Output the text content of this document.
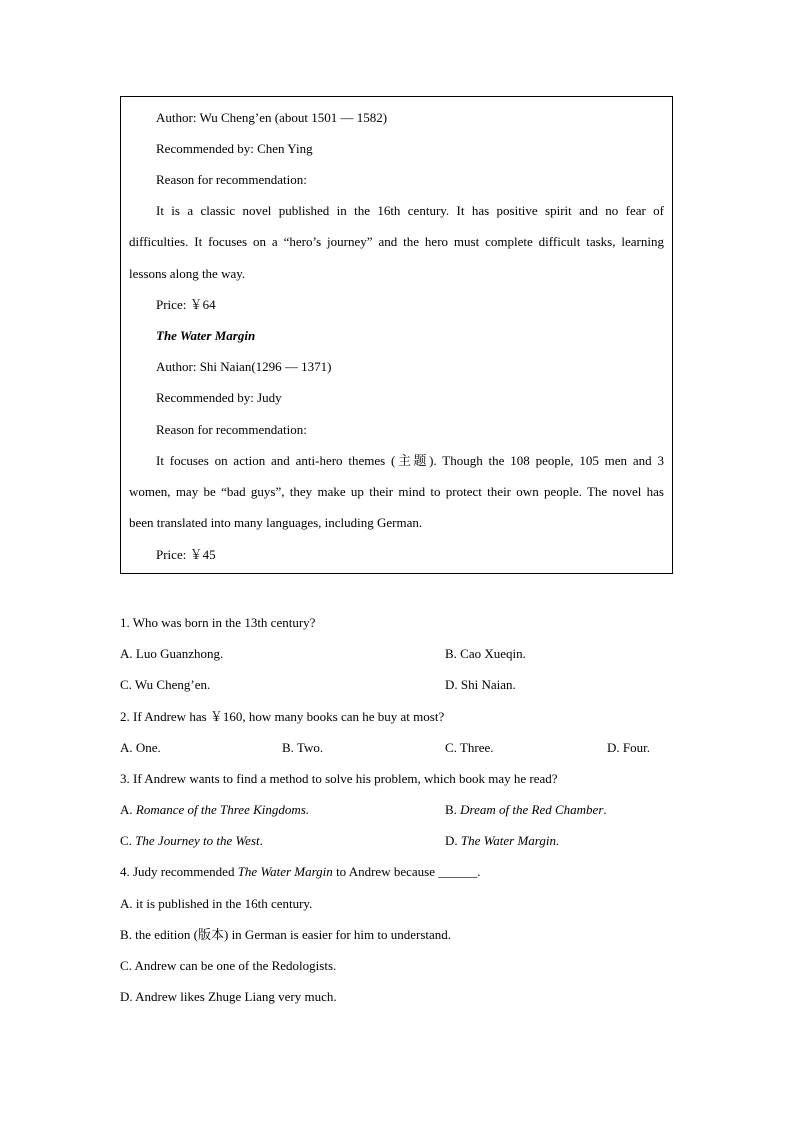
Author: Wu Cheng’en (about 1501 — 1582)
Recommended by: Chen Ying
Reason for recommendation:
It is a classic novel published in the 16th century. It has positive spirit and no fear of
difficulties. It focuses on a “hero’s journey” and the hero must complete difficult tasks, learning
lessons along the way.
Price: ￥64
The Water Margin
Author: Shi Naian(1296 — 1371)
Recommended by: Judy
Reason for recommendation:
It focuses on action and anti-hero themes (主题). Though the 108 people, 105 men and 3
women, may be “bad guys”, they make up their mind to protect their own people. The novel has
been translated into many languages, including German.
Price: ￥45
1. Who was born in the 13th century?
A. Luo Guanzhong.	B. Cao Xueqin.
C. Wu Cheng’en.	D. Shi Naian.
2. If Andrew has ￥160, how many books can he buy at most?
A. One.	B. Two.	C. Three.	D. Four.
3. If Andrew wants to find a method to solve his problem, which book may he read?
A. Romance of the Three Kingdoms.	B. Dream of the Red Chamber.
C. The Journey to the West.	D. The Water Margin.
4. Judy recommended The Water Margin to Andrew because ______.
A. it is published in the 16th century.
B. the edition (版本) in German is easier for him to understand.
C. Andrew can be one of the Redologists.
D. Andrew likes Zhuge Liang very much.
